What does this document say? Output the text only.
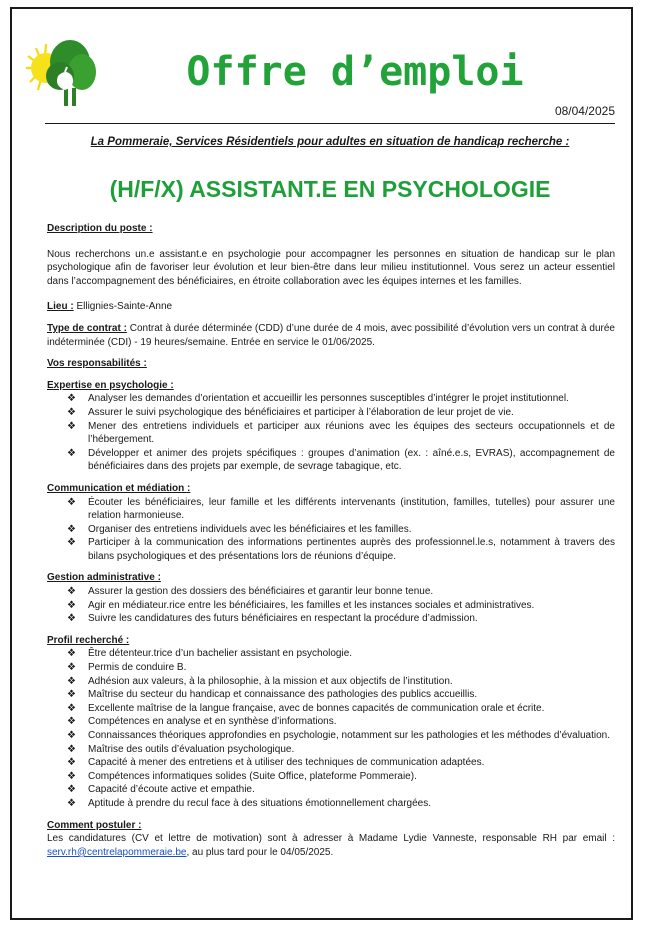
Offre d’emploi
08/04/2025
La Pommeraie, Services Résidentiels pour adultes en situation de handicap recherche :
(H/F/X) ASSISTANT.E EN PSYCHOLOGIE

Description du poste :

Nous recherchons un.e assistant.e en psychologie pour accompagner les personnes en situation de handicap sur le plan psychologique afin de favoriser leur évolution et leur bien-être dans leur milieu institutionnel. Vous serez un acteur essentiel dans l’accompagnement des bénéficiaires, en étroite collaboration avec les équipes internes et les familles.

Lieu : Ellignies-Sainte-Anne

Type de contrat : Contrat à durée déterminée (CDD) d’une durée de 4 mois, avec possibilité d’évolution vers un contrat à durée indéterminée (CDI) - 19 heures/semaine. Entrée en service le 01/06/2025.

Vos responsabilités :

Expertise en psychologie :

❖ Analyser les demandes d’orientation et accueillir les personnes susceptibles d’intégrer le projet institutionnel.
❖ Assurer le suivi psychologique des bénéficiaires et participer à l’élaboration de leur projet de vie.
❖ Mener des entretiens individuels et participer aux réunions avec les équipes des secteurs occupationnels et de l’hébergement.
❖ Développer et animer des projets spécifiques : groupes d’animation (ex. : aîné.e.s, EVRAS), accompagnement de bénéficiaires dans des projets par exemple, de sevrage tabagique, etc.

Communication et médiation :

❖ Écouter les bénéficiaires, leur famille et les différents intervenants (institution, familles, tutelles) pour assurer une relation harmonieuse.
❖ Organiser des entretiens individuels avec les bénéficiaires et les familles.
❖ Participer à la communication des informations pertinentes auprès des professionnel.le.s, notamment à travers des bilans psychologiques et des présentations lors de réunions d’équipe.

Gestion administrative :

❖ Assurer la gestion des dossiers des bénéficiaires et garantir leur bonne tenue.
❖ Agir en médiateur.rice entre les bénéficiaires, les familles et les instances sociales et administratives.
❖ Suivre les candidatures des futurs bénéficiaires en respectant la procédure d’admission.

Profil recherché :

❖ Être détenteur.trice d’un bachelier assistant en psychologie.
❖ Permis de conduire B.
❖ Adhésion aux valeurs, à la philosophie, à la mission et aux objectifs de l’institution.
❖ Maîtrise du secteur du handicap et connaissance des pathologies des publics accueillis.
❖ Excellente maîtrise de la langue française, avec de bonnes capacités de communication orale et écrite.
❖ Compétences en analyse et en synthèse d’informations.
❖ Connaissances théoriques approfondies en psychologie, notamment sur les pathologies et les méthodes d’évaluation.
❖ Maîtrise des outils d’évaluation psychologique.
❖ Capacité à mener des entretiens et à utiliser des techniques de communication adaptées.
❖ Compétences informatiques solides (Suite Office, plateforme Pommeraie).
❖ Capacité d’écoute active et empathie.
❖ Aptitude à prendre du recul face à des situations émotionnellement chargées.

Comment postuler :

Les candidatures (CV et lettre de motivation) sont à adresser à Madame Lydie Vanneste, responsable RH par email : serv.rh@centrelapommeraie.be, au plus tard pour le 04/05/2025.
